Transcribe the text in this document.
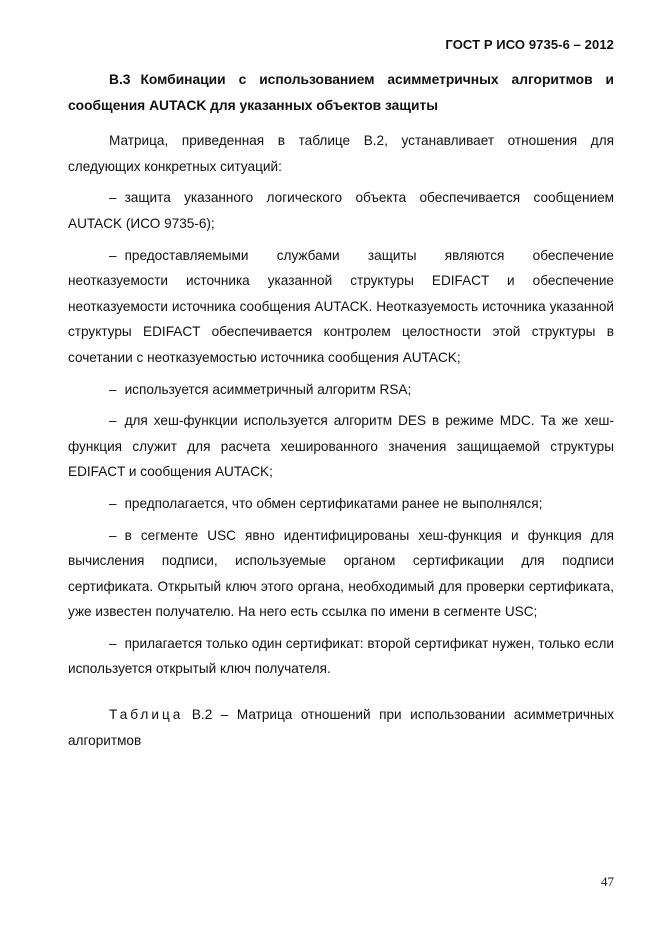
ГОСТ Р ИСО 9735-6 – 2012

B.3 Комбинации с использованием асимметричных алгоритмов и сообщения AUTACK для указанных объектов защиты

Матрица, приведенная в таблице B.2, устанавливает отношения для следующих конкретных ситуаций:

– защита указанного логического объекта обеспечивается сообщением AUTACK (ИСО 9735-6);

– предоставляемыми службами защиты являются обеспечение неотказуемости источника указанной структуры EDIFACT и обеспечение неотказуемости источника сообщения AUTACK. Неотказуемость источника указанной структуры EDIFACT обеспечивается контролем целостности этой структуры в сочетании с неотказуемостью источника сообщения AUTACK;

– используется асимметричный алгоритм RSA;

– для хеш-функции используется алгоритм DES в режиме MDC. Та же хеш-функция служит для расчета хешированного значения защищаемой структуры EDIFACT и сообщения AUTACK;

– предполагается, что обмен сертификатами ранее не выполнялся;

– в сегменте USC явно идентифицированы хеш-функция и функция для вычисления подписи, используемые органом сертификации для подписи сертификата. Открытый ключ этого органа, необходимый для проверки сертификата, уже известен получателю. На него есть ссылка по имени в сегменте USC;

– прилагается только один сертификат: второй сертификат нужен, только если используется открытый ключ получателя.

Таблица B.2 – Матрица отношений при использовании асимметричных алгоритмов

47
